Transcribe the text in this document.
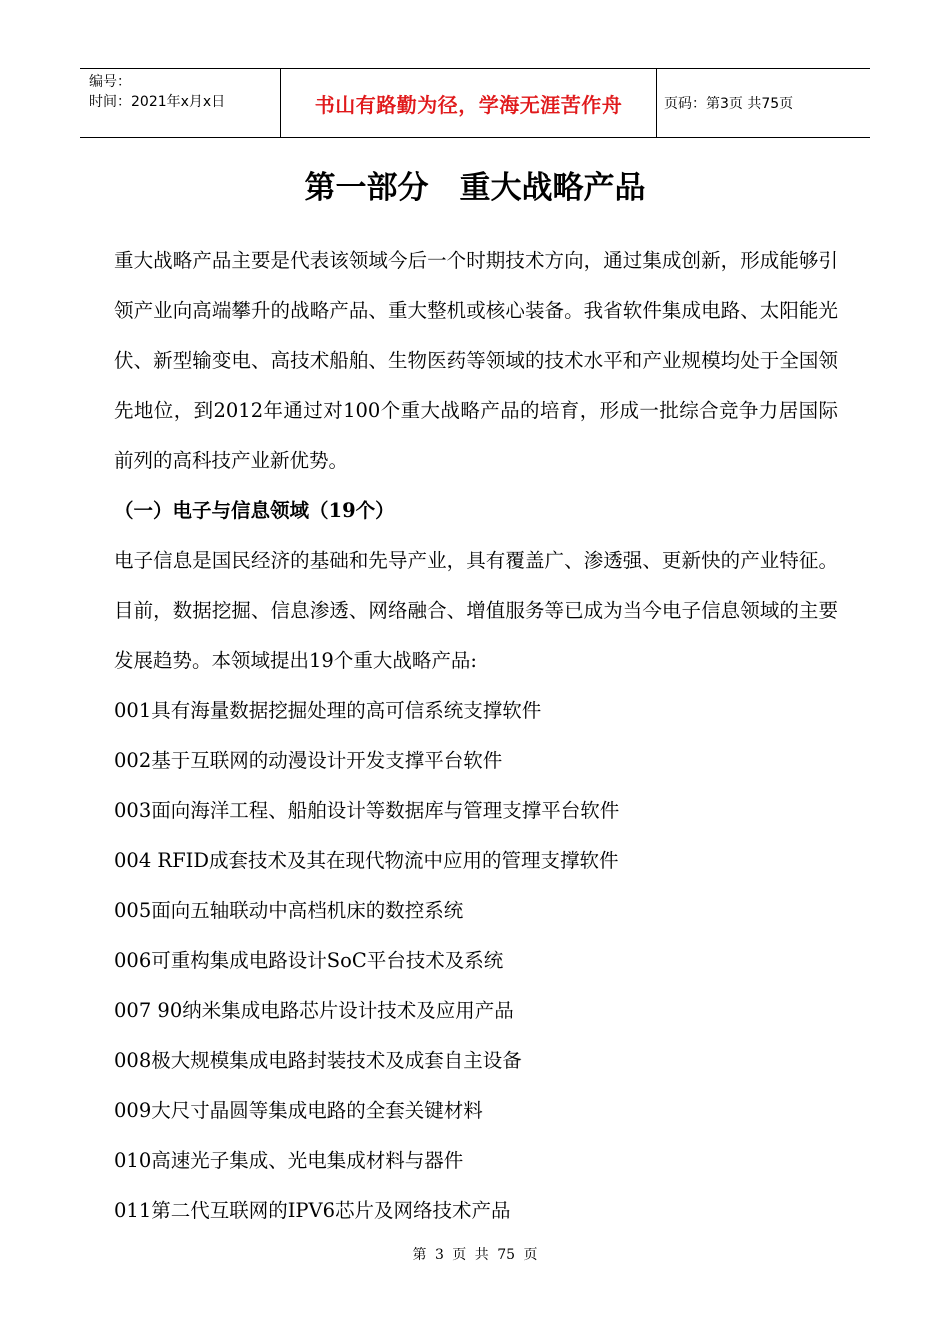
编号：
时间：2021年x月x日	书山有路勤为径，学海无涯苦作舟	页码：第3页 共75页
第一部分　重大战略产品

重大战略产品主要是代表该领域今后一个时期技术方向，通过集成创新，形成能够引领产业向高端攀升的战略产品、重大整机或核心装备。我省软件集成电路、太阳能光伏、新型输变电、高技术船舶、生物医药等领域的技术水平和产业规模均处于全国领先地位，到2012年通过对100个重大战略产品的培育，形成一批综合竞争力居国际前列的高科技产业新优势。

（一）电子与信息领域（19个）

电子信息是国民经济的基础和先导产业，具有覆盖广、渗透强、更新快的产业特征。目前，数据挖掘、信息渗透、网络融合、增值服务等已成为当今电子信息领域的主要发展趋势。本领域提出19个重大战略产品:

001具有海量数据挖掘处理的高可信系统支撑软件
002基于互联网的动漫设计开发支撑平台软件
003面向海洋工程、船舶设计等数据库与管理支撑平台软件
004 RFID成套技术及其在现代物流中应用的管理支撑软件
005面向五轴联动中高档机床的数控系统
006可重构集成电路设计SoC平台技术及系统
007 90纳米集成电路芯片设计技术及应用产品
008极大规模集成电路封装技术及成套自主设备
009大尺寸晶圆等集成电路的全套关键材料
010高速光子集成、光电集成材料与器件
011第二代互联网的IPV6芯片及网络技术产品
第 3 页 共 75 页
